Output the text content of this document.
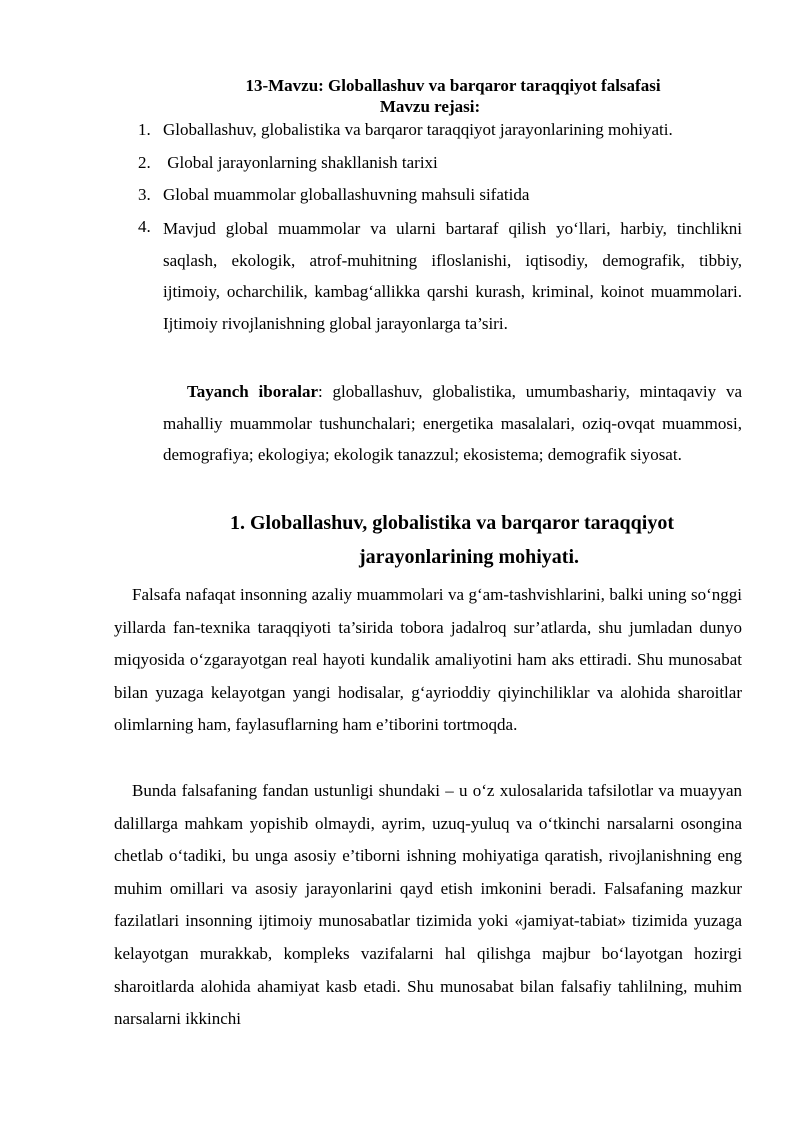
13-Mavzu: Globallashuv va barqaror taraqqiyot falsafasi
Mavzu rejasi:
1. Globallashuv, globalistika va barqaror taraqqiyot jarayonlarining mohiyati.
2. Global jarayonlarning shakllanish tarixi
3. Global muammolar globallashuvning mahsuli sifatida
4. Mavjud global muammolar va ularni bartaraf qilish yo‘llari, harbiy, tinchlikni saqlash, ekologik, atrof-muhitning ifloslanishi, iqtisodiy, demografik, tibbiy, ijtimoiy, ocharchilik, kambag‘allikka qarshi kurash, kriminal, koinot muammolari. Ijtimoiy rivojlanishning global jarayonlarga ta’siri.
Tayanch iboralar: globallashuv, globalistika, umumbashariy, mintaqaviy va mahalliy muammolar tushunchalari; energetika masalalari, oziq-ovqat muammosi, demografiya; ekologiya; ekologik tanazzul; ekosistema; demografik siyosat.
1. Globallashuv, globalistika va barqaror taraqqiyot
jarayonlarining mohiyati.
Falsafa nafaqat insonning azaliy muammolari va g‘am-tashvishlarini, balki uning so‘nggi yillarda fan-texnika taraqqiyoti ta’sirida tobora jadalroq sur’atlarda, shu jumladan dunyo miqyosida o‘zgarayotgan real hayoti kundalik amaliyotini ham aks ettiradi. Shu munosabat bilan yuzaga kelayotgan yangi hodisalar, g‘ayrioddiy qiyinchiliklar va alohida sharoitlar olimlarning ham, faylasuflarning ham e’tiborini tortmoqda.
Bunda falsafaning fandan ustunligi shundaki – u o‘z xulosalarida tafsilotlar va muayyan dalillarga mahkam yopishib olmaydi, ayrim, uzuq-yuluq va o‘tkinchi narsalarni osongina chetlab o‘tadiki, bu unga asosiy e’tiborni ishning mohiyatiga qaratish, rivojlanishning eng muhim omillari va asosiy jarayonlarini qayd etish imkonini beradi. Falsafaning mazkur fazilatlari insonning ijtimoiy munosabatlar tizimida yoki «jamiyat-tabiat» tizimida yuzaga kelayotgan murakkab, kompleks vazifalarni hal qilishga majbur bo‘layotgan hozirgi sharoitlarda alohida ahamiyat kasb etadi. Shu munosabat bilan falsafiy tahlilning, muhim narsalarni ikkinchi
